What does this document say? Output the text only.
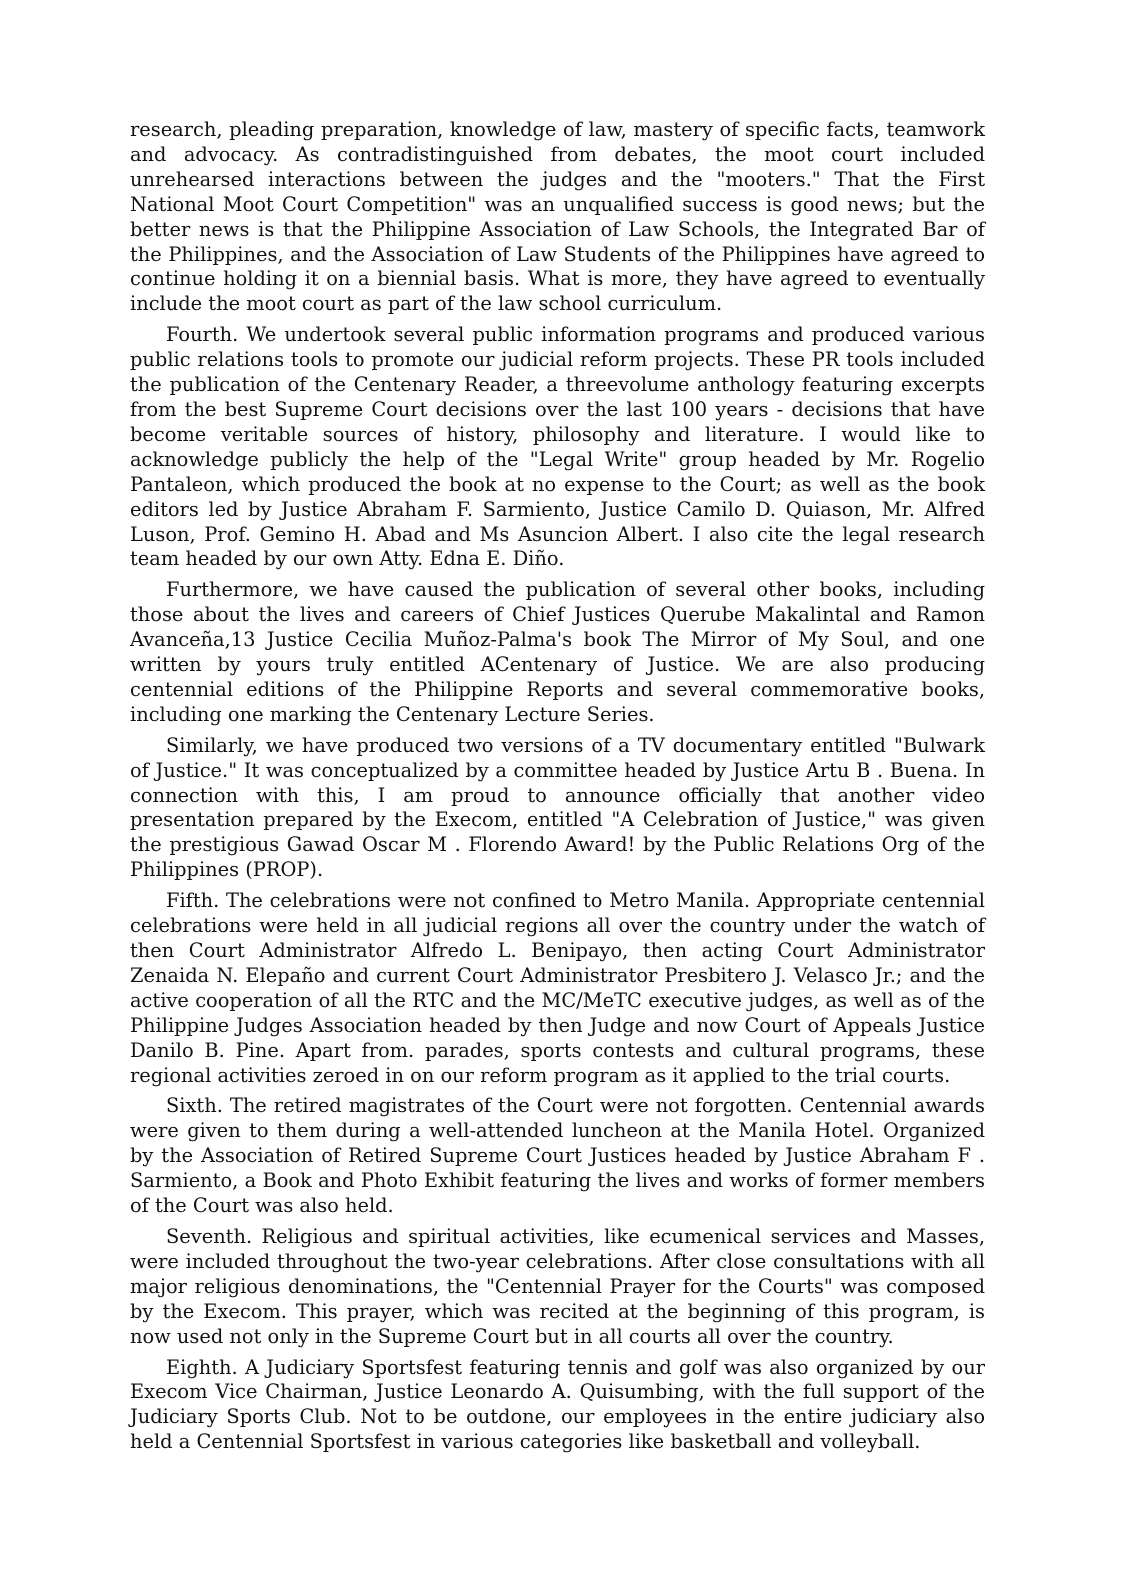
research, pleading preparation, knowledge of law, mastery of specific facts, teamwork and advocacy. As contradistinguished from debates, the moot court included unrehearsed interactions between the judges and the "mooters." That the First National Moot Court Competition" was an unqualified success is good news; but the better news is that the Philippine Association of Law Schools, the Integrated Bar of the Philippines, and the Association of Law Students of the Philippines have agreed to continue holding it on a biennial basis. What is more, they have agreed to eventually include the moot court as part of the law school curriculum.

Fourth. We undertook several public information programs and produced various public relations tools to promote our judicial reform projects. These PR tools included the publication of the Centenary Reader, a threevolume anthology featuring excerpts from the best Supreme Court decisions over the last 100 years - decisions that have become veritable sources of history, philosophy and literature. I would like to acknowledge publicly the help of the "Legal Write" group headed by Mr. Rogelio Pantaleon, which produced the book at no expense to the Court; as well as the book editors led by Justice Abraham F. Sarmiento, Justice Camilo D. Quiason, Mr. Alfred Luson, Prof. Gemino H. Abad and Ms Asuncion Albert. I also cite the legal research team headed by our own Atty. Edna E. Diño.

Furthermore, we have caused the publication of several other books, including those about the lives and careers of Chief Justices Querube Makalintal and Ramon Avanceña,13 Justice Cecilia Muñoz-Palma's book The Mirror of My Soul, and one written by yours truly entitled ACentenary of Justice. We are also producing centennial editions of the Philippine Reports and several commemorative books, including one marking the Centenary Lecture Series.

Similarly, we have produced two versions of a TV documentary entitled "Bulwark of Justice." It was conceptualized by a committee headed by Justice Artu B . Buena. In connection with this, I am proud to announce officially that another video presentation prepared by the Execom, entitled "A Celebration of Justice," was given the prestigious Gawad Oscar M . Florendo Award! by the Public Relations Org of the Philippines (PROP).

Fifth. The celebrations were not confined to Metro Manila. Appropriate centennial celebrations were held in all judicial regions all over the country under the watch of then Court Administrator Alfredo L. Benipayo, then acting Court Administrator Zenaida N. Elepaño and current Court Administrator Presbitero J. Velasco Jr.; and the active cooperation of all the RTC and the MC/MeTC executive judges, as well as of the Philippine Judges Association headed by then Judge and now Court of Appeals Justice Danilo B. Pine. Apart from. parades, sports contests and cultural programs, these regional activities zeroed in on our reform program as it applied to the trial courts.

Sixth. The retired magistrates of the Court were not forgotten. Centennial awards were given to them during a well-attended luncheon at the Manila Hotel. Organized by the Association of Retired Supreme Court Justices headed by Justice Abraham F . Sarmiento, a Book and Photo Exhibit featuring the lives and works of former members of the Court was also held.

Seventh. Religious and spiritual activities, like ecumenical services and Masses, were included throughout the two-year celebrations. After close consultations with all major religious denominations, the "Centennial Prayer for the Courts" was composed by the Execom. This prayer, which was recited at the beginning of this program, is now used not only in the Supreme Court but in all courts all over the country.

Eighth. A Judiciary Sportsfest featuring tennis and golf was also organized by our Execom Vice Chairman, Justice Leonardo A. Quisumbing, with the full support of the Judiciary Sports Club. Not to be outdone, our employees in the entire judiciary also held a Centennial Sportsfest in various categories like basketball and volleyball.
